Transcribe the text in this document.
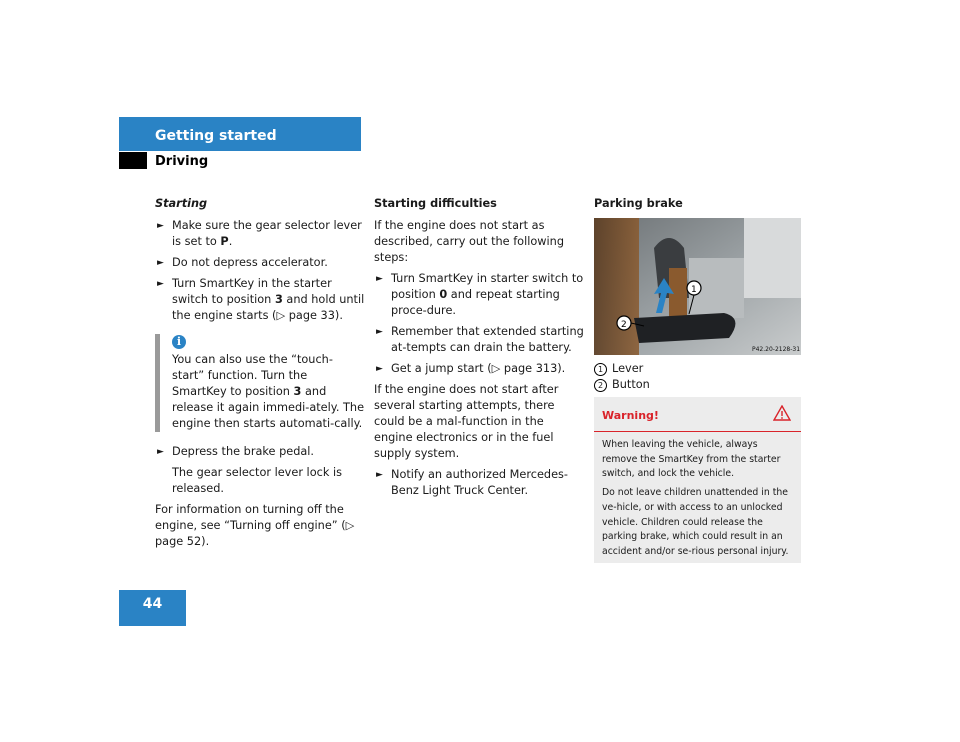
Getting started
Driving

Starting

► Make sure the gear selector lever is set to P.

► Do not depress accelerator.

► Turn SmartKey in the starter switch to position 3 and hold until the engine starts (▷ page 33).

i
You can also use the “touch-start” function. Turn the SmartKey to position 3 and release it again immedi-ately. The engine then starts automati-cally.

► Depress the brake pedal.

The gear selector lever lock is released.

For information on turning off the engine, see “Turning off engine” (▷ page 52).

Starting difficulties

If the engine does not start as described, carry out the following steps:

► Turn SmartKey in starter switch to position 0 and repeat starting proce-dure.

► Remember that extended starting at-tempts can drain the battery.

► Get a jump start (▷ page 313).

If the engine does not start after several starting attempts, there could be a mal-function in the engine electronics or in the fuel supply system.

► Notify an authorized Mercedes-Benz Light Truck Center.

Parking brake

1
2
P42.20-2128-31
1 Lever
2 Button
Warning!

When leaving the vehicle, always remove the SmartKey from the starter switch, and lock the vehicle.

Do not leave children unattended in the ve-hicle, or with access to an unlocked vehicle. Children could release the parking brake, which could result in an accident and/or se-rious personal injury.

44
